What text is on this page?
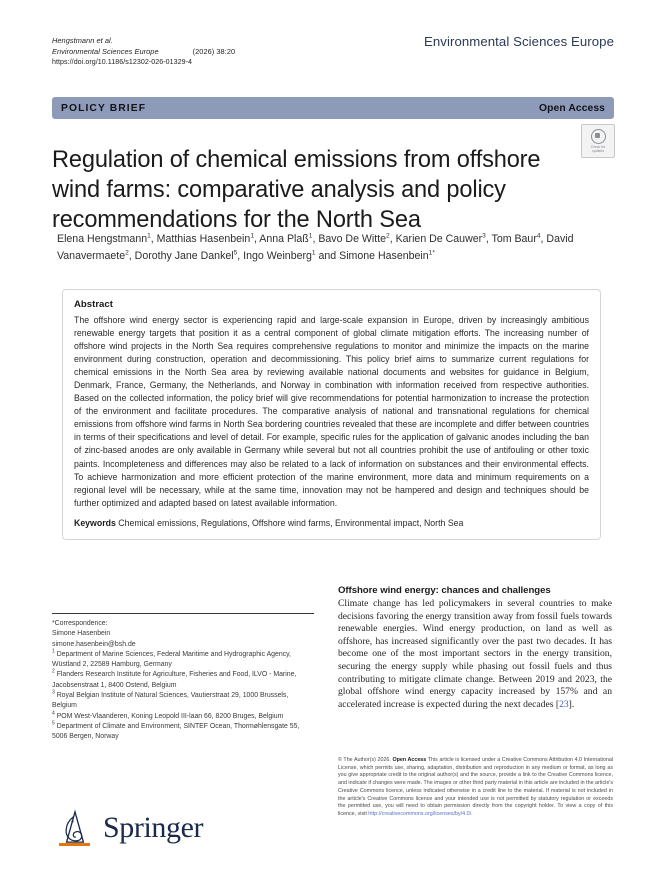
Hengstmann et al.
Environmental Sciences Europe	(2026) 38:20
https://doi.org/10.1186/s12302-026-01329-4
Environmental Sciences Europe
POLICY BRIEF	Open Access
Check for
updates
Regulation of chemical emissions from offshore wind farms: comparative analysis and policy recommendations for the North Sea
Elena Hengstmann$^1$, Matthias Hasenbein$^1$, Anna Plaß$^1$, Bavo De Witte$^2$, Karien De Cauwer$^3$, Tom Baur$^4$, David Vanavermaete$^2$, Dorothy Jane Dankel$^5$, Ingo Weinberg$^1$ and Simone Hasenbein$^{1*}$
Abstract
The offshore wind energy sector is experiencing rapid and large-scale expansion in Europe, driven by increasingly ambitious renewable energy targets that position it as a central component of global climate mitigation efforts. The increasing number of offshore wind projects in the North Sea requires comprehensive regulations to monitor and minimize the impacts on the marine environment during construction, operation and decommissioning. This policy brief aims to summarize current regulations for chemical emissions in the North Sea area by reviewing available national documents and websites for guidance in Belgium, Denmark, France, Germany, the Netherlands, and Norway in combination with information received from respective authorities. Based on the collected information, the policy brief will give recommendations for potential harmonization to increase the protection of the environment and facilitate procedures. The comparative analysis of national and transnational regulations for chemical emissions from offshore wind farms in North Sea bordering countries revealed that these are incomplete and differ between countries in terms of their specifications and level of detail. For example, specific rules for the application of galvanic anodes including the ban of zinc-based anodes are only available in Germany while several but not all countries prohibit the use of antifouling or other toxic paints. Incompleteness and differences may also be related to a lack of information on substances and their environmental effects. To achieve harmonization and more efficient protection of the marine environment, more data and minimum requirements on a regional level will be necessary, while at the same time, innovation may not be hampered and design and techniques should be further optimized and adapted based on latest available information.
Keywords Chemical emissions, Regulations, Offshore wind farms, Environmental impact, North Sea
*Correspondence:
Simone Hasenbein
simone.hasenbein@bsh.de
$^1$ Department of Marine Sciences, Federal Maritime and Hydrographic Agency, Wüstland 2, 22589 Hamburg, Germany
$^2$ Flanders Research Institute for Agriculture, Fisheries and Food, ILVO - Marine, Jacobsenstraat 1, 8400 Ostend, Belgium
$^3$ Royal Belgian Institute of Natural Sciences, Vautierstraat 29, 1000 Brussels, Belgium
$^4$ POM West-Vlaanderen, Koning Leopold III-laan 66, 8200 Bruges, Belgium
$^5$ Department of Climate and Environment, SINTEF Ocean, Thormøhlensgate 55, 5006 Bergen, Norway
Offshore wind energy: chances and challenges
Climate change has led policymakers in several countries to make decisions favoring the energy transition away from fossil fuels towards renewable energies. Wind energy production, on land as well as offshore, has increased significantly over the past two decades. It has become one of the most important sectors in the energy transition, securing the energy supply while phasing out fossil fuels and thus contributing to mitigate climate change. Between 2019 and 2023, the global offshore wind energy capacity increased by 157% and an accelerated increase is expected during the next decades [23].
© The Author(s) 2026. Open Access This article is licensed under a Creative Commons Attribution 4.0 International License, which permits use, sharing, adaptation, distribution and reproduction in any medium or format, as long as you give appropriate credit to the original author(s) and the source, provide a link to the Creative Commons licence, and indicate if changes were made. The images or other third party material in this article are included in the article's Creative Commons licence, unless indicated otherwise in a credit line to the material. If material is not included in the article's Creative Commons licence and your intended use is not permitted by statutory regulation or exceeds the permitted use, you will need to obtain permission directly from the copyright holder. To view a copy of this licence, visit http://creativecommons.org/licenses/by/4.0/.
Springer
